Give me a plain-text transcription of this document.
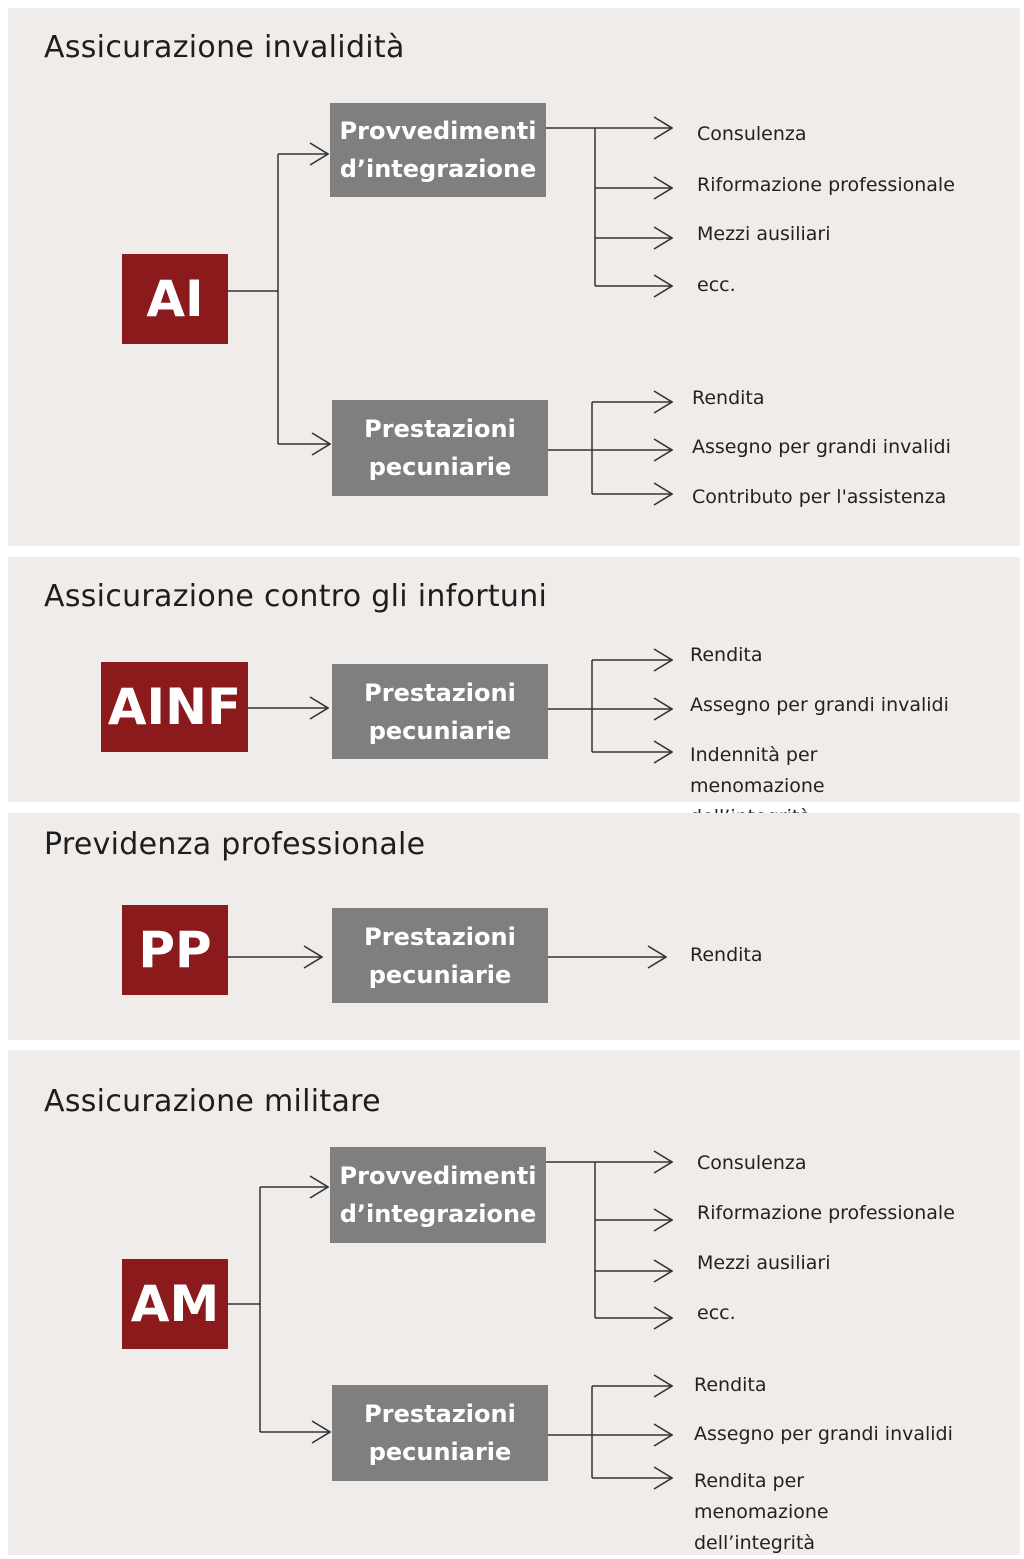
Assicurazione invalidità
AI
Provvedimenti
d’integrazione
Prestazioni
pecuniarie
Consulenza
Riformazione professionale
Mezzi ausiliari
ecc.
Rendita
Assegno per grandi invalidi
Contributo per l'assistenza
Assicurazione contro gli infortuni
AINF	Prestazioni
pecuniarie
Rendita
Assegno per grandi invalidi
Indennità per menomazione
Previdenza professionale
PP	Prestazioni
pecuniarie
Rendita
Assicurazione militare
AM
Provvedimenti
d’integrazione
Prestazioni
pecuniarie
Consulenza
Riformazione professionale
Mezzi ausiliari
ecc.
Rendita
Assegno per grandi invalidi
Rendita per menomazione dell’integrità
